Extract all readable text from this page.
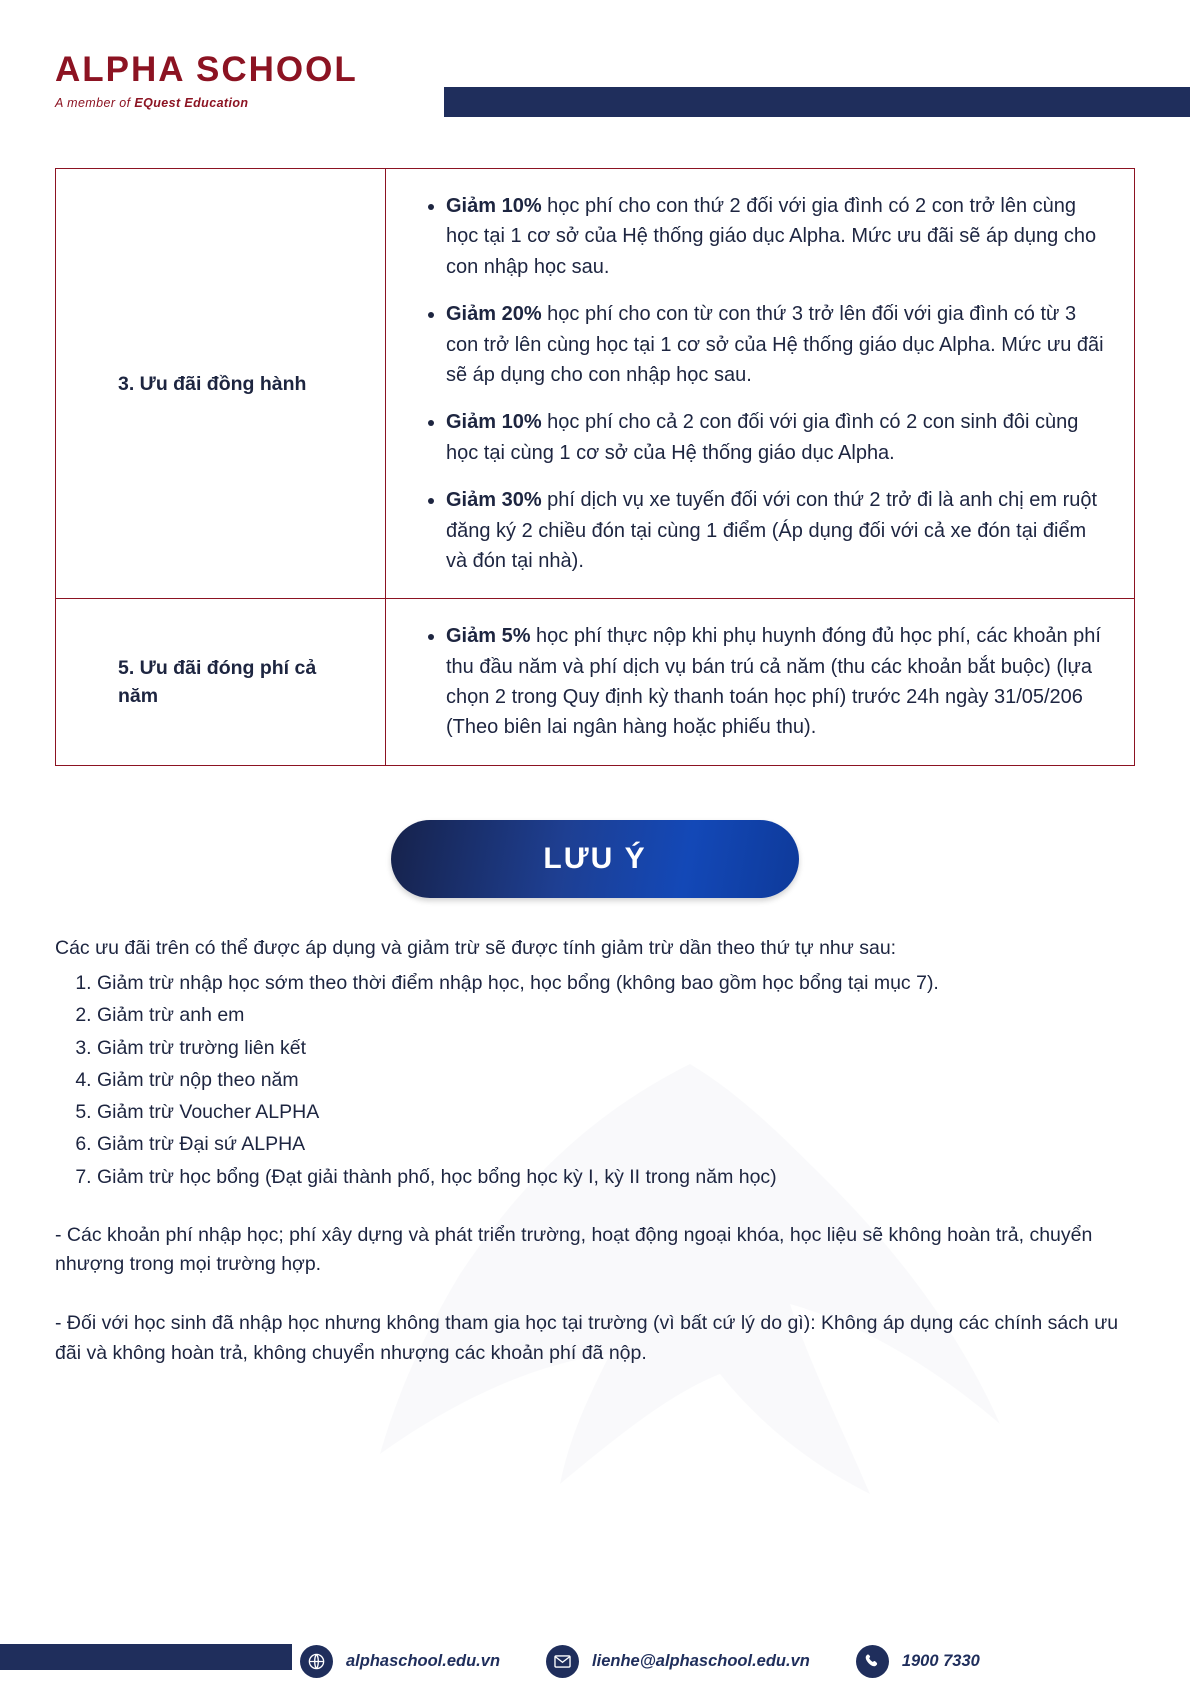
ALPHA SCHOOL
A member of EQuest Education
3. Ưu đãi đồng hành
• Giảm 10% học phí cho con thứ 2 đối với gia đình có 2 con trở lên cùng học tại 1 cơ sở của Hệ thống giáo dục Alpha. Mức ưu đãi sẽ áp dụng cho con nhập học sau.
• Giảm 20% học phí cho con từ con thứ 3 trở lên đối với gia đình có từ 3 con trở lên cùng học tại 1 cơ sở của Hệ thống giáo dục Alpha. Mức ưu đãi sẽ áp dụng cho con nhập học sau.
• Giảm 10% học phí cho cả 2 con đối với gia đình có 2 con sinh đôi cùng học tại cùng 1 cơ sở của Hệ thống giáo dục Alpha.
• Giảm 30% phí dịch vụ xe tuyến đối với con thứ 2 trở đi là anh chị em ruột đăng ký 2 chiều đón tại cùng 1 điểm (Áp dụng đối với cả xe đón tại điểm và đón tại nhà).
5. Ưu đãi đóng phí cả năm
• Giảm 5% học phí thực nộp khi phụ huynh đóng đủ học phí, các khoản phí thu đầu năm và phí dịch vụ bán trú cả năm (thu các khoản bắt buộc) (lựa chọn 2 trong Quy định kỳ thanh toán học phí) trước 24h ngày 31/05/206 (Theo biên lai ngân hàng hoặc phiếu thu).
LƯU Ý

Các ưu đãi trên có thể được áp dụng và giảm trừ sẽ được tính giảm trừ dần theo thứ tự như sau:

1. Giảm trừ nhập học sớm theo thời điểm nhập học, học bổng (không bao gồm học bổng tại mục 7).
2. Giảm trừ anh em
3. Giảm trừ trường liên kết
4. Giảm trừ nộp theo năm
5. Giảm trừ Voucher ALPHA
6. Giảm trừ Đại sứ ALPHA
7. Giảm trừ học bổng (Đạt giải thành phố, học bổng học kỳ I, kỳ II trong năm học)

- Các khoản phí nhập học; phí xây dựng và phát triển trường, hoạt động ngoại khóa, học liệu sẽ không hoàn trả, chuyển nhượng trong mọi trường hợp.

- Đối với học sinh đã nhập học nhưng không tham gia học tại trường (vì bất cứ lý do gì): Không áp dụng các chính sách ưu đãi và không hoàn trả, không chuyển nhượng các khoản phí đã nộp.

alphaschool.edu.vn	lienhe@alphaschool.edu.vn	1900 7330
